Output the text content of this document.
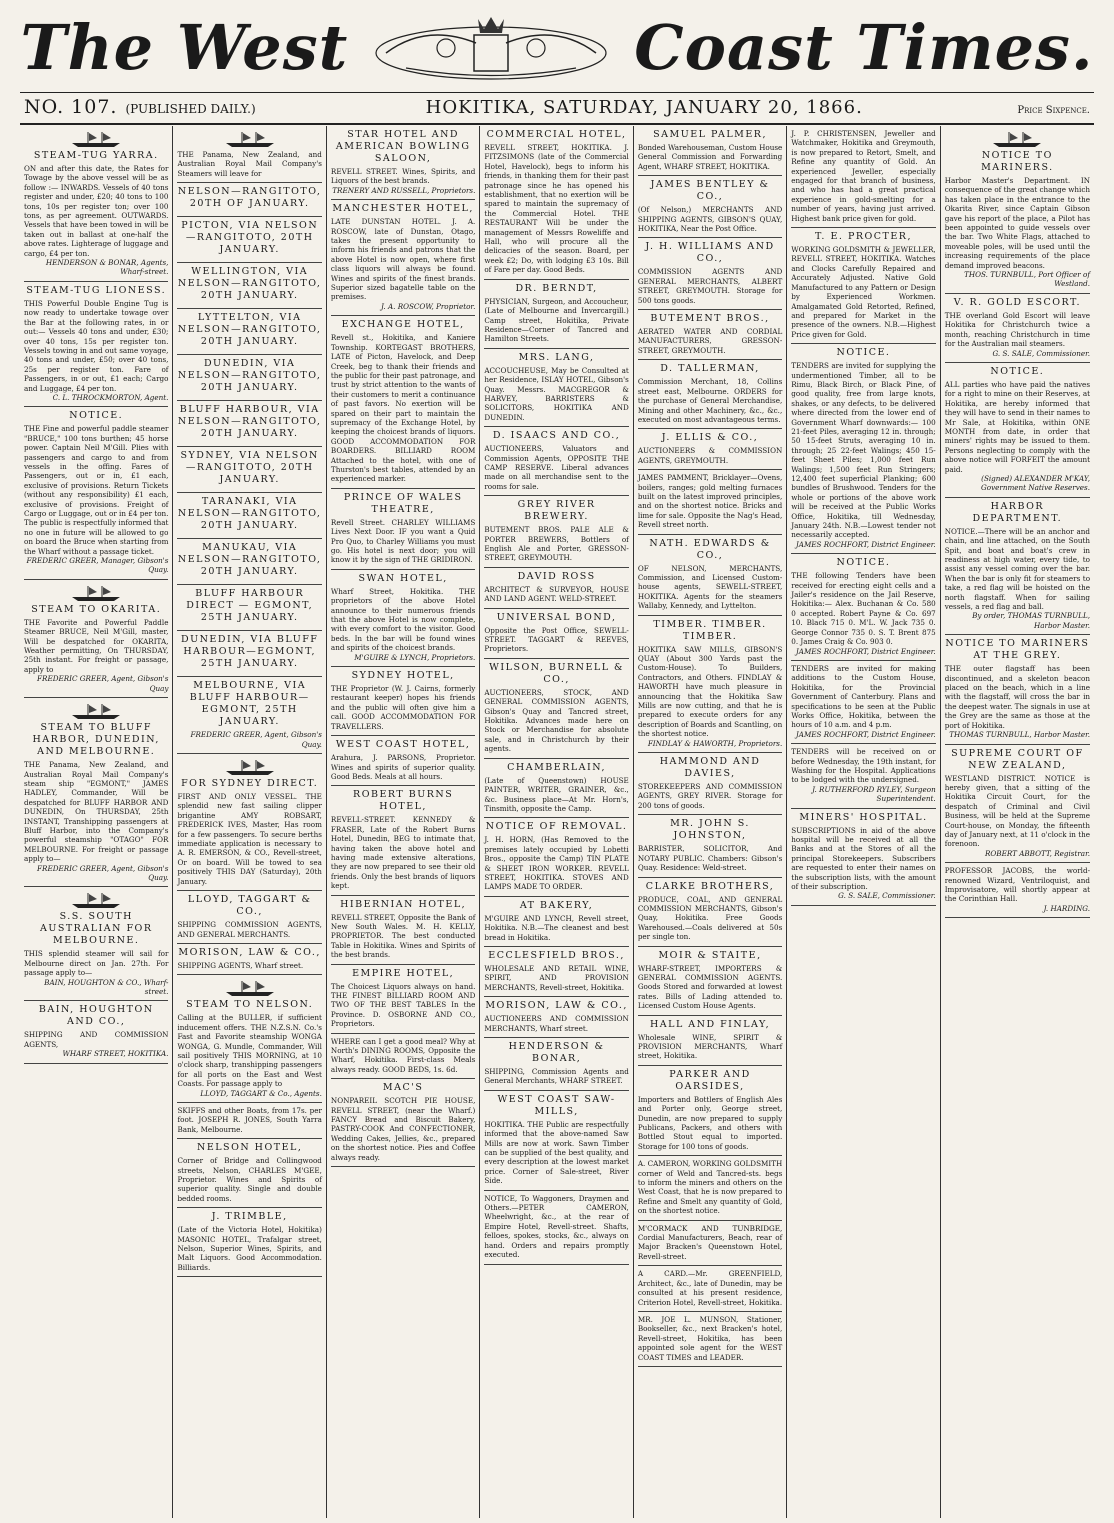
The West	Coast Times.
NO. 107. (PUBLISHED DAILY.)	HOKITIKA, SATURDAY, JANUARY 20, 1866.	Price Sixpence.
STEAM-TUG YARRA.
ON and after this date, the Rates for Towage by the above vessel will be as follow :— INWARDS. Vessels of 40 tons register and under, £20; 40 tons to 100 tons, 10s per register ton; over 100 tons, as per agreement. OUTWARDS. Vessels that have been towed in will be taken out in ballast at one-half the above rates. Lighterage of luggage and cargo, £4 per ton.
HENDERSON & BONAR, Agents, Wharf-street.
STEAM-TUG LIONESS.
THIS Powerful Double Engine Tug is now ready to undertake towage over the Bar at the following rates, in or out:— Vessels 40 tons and under, £30; over 40 tons, 15s per register ton. Vessels towing in and out same voyage, 40 tons and under, £50; over 40 tons, 25s per register ton. Fare of Passengers, in or out, £1 each; Cargo and Luggage, £4 per ton.
C. L. THROCKMORTON, Agent.
NOTICE.
THE Fine and powerful paddle steamer "BRUCE," 100 tons burthen; 45 horse power. Captain Neil M'Gill. Plies with passengers and cargo to and from vessels in the offing. Fares of Passengers, out or in, £1 each, exclusive of provisions. Return Tickets (without any responsibility) £1 each, exclusive of provisions. Freight of Cargo or Luggage, out or in £4 per ton. The public is respectfully informed that no one in future will be allowed to go on board the Bruce when starting from the Wharf without a passage ticket.
FREDERIC GREER, Manager, Gibson's Quay.
STEAM TO OKARITA.
THE Favorite and Powerful Paddle Steamer BRUCE, Neil M'Gill, master, Will be despatched for OKARITA, Weather permitting, On THURSDAY, 25th instant. For freight or passage, apply to
FREDERIC GREER, Agent, Gibson's Quay
STEAM TO BLUFF HARBOR, DUNEDIN, AND MELBOURNE.
THE Panama, New Zealand, and Australian Royal Mail Company's steam ship "EGMONT," JAMES HADLEY, Commander, Will be despatched for BLUFF HARBOR AND DUNEDIN, On THURSDAY, 25th INSTANT, Transhipping passengers at Bluff Harbor, into the Company's powerful steamship "OTAGO" FOR MELBOURNE. For freight or passage apply to—
FREDERIC GREER, Agent, Gibson's Quay.
S.S. SOUTH AUSTRALIAN FOR MELBOURNE.
THIS splendid steamer will sail for Melbourne direct on Jan. 27th. For passage apply to—
BAIN, HOUGHTON & CO., Wharf-street.
BAIN, HOUGHTON AND CO.,
SHIPPING AND COMMISSION AGENTS,
WHARF STREET, HOKITIKA.
THE Panama, New Zealand, and Australian Royal Mail Company's Steamers will leave for
NELSON—RANGITOTO, 20TH OF JANUARY.
PICTON, VIA NELSON—RANGITOTO, 20TH JANUARY.
WELLINGTON, VIA NELSON—RANGITOTO, 20TH JANUARY.
LYTTELTON, VIA NELSON—RANGITOTO, 20TH JANUARY.
DUNEDIN, VIA NELSON—RANGITOTO, 20TH JANUARY.
BLUFF HARBOUR, VIA NELSON—RANGITOTO, 20TH JANUARY.
SYDNEY, VIA NELSON—RANGITOTO, 20TH JANUARY.
TARANAKI, VIA NELSON—RANGITOTO, 20TH JANUARY.
MANUKAU, VIA NELSON—RANGITOTO, 20TH JANUARY.
BLUFF HARBOUR DIRECT — EGMONT, 25TH JANUARY.
DUNEDIN, VIA BLUFF HARBOUR—EGMONT, 25TH JANUARY.
MELBOURNE, VIA BLUFF HARBOUR—EGMONT, 25TH JANUARY.
FREDERIC GREER, Agent, Gibson's Quay.
FOR SYDNEY DIRECT.
FIRST AND ONLY VESSEL. THE splendid new fast sailing clipper brigantine AMY ROBSART, FREDERICK IVES, Master, Has room for a few passengers. To secure berths immediate application is necessary to A. R. EMERSON, & CO., Revell-street, Or on board. Will be towed to sea positively THIS DAY (Saturday), 20th January.
LLOYD, TAGGART & CO.,
SHIPPING COMMISSION AGENTS, AND GENERAL MERCHANTS.
MORISON, LAW & CO.,
SHIPPING AGENTS, Wharf street.
STEAM TO NELSON.
Calling at the BULLER, if sufficient inducement offers. THE N.Z.S.N. Co.'s Fast and Favorite steamship WONGA WONGA, G. Mundle, Commander, Will sail positively THIS MORNING, at 10 o'clock sharp, transhipping passengers for all ports on the East and West Coasts. For passage apply to
LLOYD, TAGGART & Co., Agents.
SKIFFS and other Boats, from 17s. per foot. JOSEPH R. JONES, South Yarra Bank, Melbourne.
NELSON HOTEL,
Corner of Bridge and Collingwood streets, Nelson, CHARLES M'GEE, Proprietor. Wines and Spirits of superior quality. Single and double bedded rooms.
J. TRIMBLE,
(Late of the Victoria Hotel, Hokitika) MASONIC HOTEL, Trafalgar street, Nelson, Superior Wines, Spirits, and Malt Liquors. Good Accommodation. Billiards.
STAR HOTEL AND AMERICAN BOWLING SALOON,
REVELL STREET. Wines, Spirits, and Liquors of the best brands.
TRENERY AND RUSSELL, Proprietors.
MANCHESTER HOTEL,
LATE DUNSTAN HOTEL. J. A. ROSCOW, late of Dunstan, Otago, takes the present opportunity to inform his friends and patrons that the above Hotel is now open, where first class liquors will always be found. Wines and spirits of the finest brands. Superior sized bagatelle table on the premises.
J. A. ROSCOW, Proprietor.
EXCHANGE HOTEL,
Revell st., Hokitika, and Kaniere Township. KORTEGAST BROTHERS, LATE of Picton, Havelock, and Deep Creek, beg to thank their friends and the public for their past patronage, and trust by strict attention to the wants of their customers to merit a continuance of past favors. No exertion will be spared on their part to maintain the supremacy of the Exchange Hotel, by keeping the choicest brands of liquors. GOOD ACCOMMODATION FOR BOARDERS. BILLIARD ROOM Attached to the hotel, with one of Thurston's best tables, attended by an experienced marker.
PRINCE OF WALES THEATRE,
Revell Street. CHARLEY WILLIAMS Lives Next Door. IF you want a Quid Pro Quo, to Charley Williams you must go. His hotel is next door; you will know it by the sign of THE GRIDIRON.
SWAN HOTEL,
Wharf Street, Hokitika. THE proprietors of the above Hotel announce to their numerous friends that the above Hotel is now complete, with every comfort to the visitor. Good beds. In the bar will be found wines and spirits of the choicest brands.
M'GUIRE & LYNCH, Proprietors.
SYDNEY HOTEL,
THE Proprietor (W. J. Cairns, formerly restaurant keeper) hopes his friends and the public will often give him a call. GOOD ACCOMMODATION FOR TRAVELLERS.
WEST COAST HOTEL,
Arahura, J. PARSONS, Proprietor. Wines and spirits of superior quality. Good Beds. Meals at all hours.
ROBERT BURNS HOTEL,
REVELL-STREET. KENNEDY & FRASER, Late of the Robert Burns Hotel, Dunedin, BEG to intimate that, having taken the above hotel and having made extensive alterations, they are now prepared to see their old friends. Only the best brands of liquors kept.
HIBERNIAN HOTEL,
REVELL STREET, Opposite the Bank of New South Wales. M. H. KELLY, PROPRIETOR. The best conducted Table in Hokitika. Wines and Spirits of the best brands.
EMPIRE HOTEL,
The Choicest Liquors always on hand. THE FINEST BILLIARD ROOM AND TWO OF THE BEST TABLES In the Province. D. OSBORNE AND CO., Proprietors.
WHERE can I get a good meal? Why at North's DINING ROOMS, Opposite the Wharf, Hokitika. First-class Meals always ready. GOOD BEDS, 1s. 6d.
MAC'S
NONPAREIL SCOTCH PIE HOUSE, REVELL STREET, (near the Wharf.) FANCY Bread and Biscuit Bakery, PASTRY-COOK And CONFECTIONER, Wedding Cakes, Jellies, &c., prepared on the shortest notice. Pies and Coffee always ready.
COMMERCIAL HOTEL,
REVELL STREET, HOKITIKA. J. FITZSIMONS (late of the Commercial Hotel, Havelock), begs to inform his friends, in thanking them for their past patronage since he has opened his establishment, that no exertion will be spared to maintain the supremacy of the Commercial Hotel. THE RESTAURANT Will be under the management of Messrs Roweliffe and Hall, who will procure all the delicacies of the season. Board, per week £2; Do, with lodging £3 10s. Bill of Fare per day. Good Beds.
DR. BERNDT,
PHYSICIAN, Surgeon, and Accoucheur, (Late of Melbourne and Invercargill.) Camp street, Hokitika, Private Residence—Corner of Tancred and Hamilton Streets.
MRS. LANG,
ACCOUCHEUSE, May be Consulted at her Residence, ISLAY HOTEL, Gibson's Quay. Messrs. MACGREGOR & HARVEY, BARRISTERS & SOLICITORS, HOKITIKA AND DUNEDIN.
D. ISAACS AND CO.,
AUCTIONEERS, Valuators and Commission Agents, OPPOSITE THE CAMP RESERVE. Liberal advances made on all merchandise sent to the rooms for sale.
GREY RIVER BREWERY.
BUTEMENT BROS. PALE ALE & PORTER BREWERS, Bottlers of English Ale and Porter, GRESSON-STREET, GREYMOUTH.
DAVID ROSS
ARCHITECT & SURVEYOR, HOUSE AND LAND AGENT. WELD-STREET.
UNIVERSAL BOND,
Opposite the Post Office, SEWELL-STREET. TAGGART & REEVES, Proprietors.
WILSON, BURNELL & CO.,
AUCTIONEERS, STOCK, AND GENERAL COMMISSION AGENTS, Gibson's Quay and Tancred street, Hokitika. Advances made here on Stock or Merchandise for absolute sale, and in Christchurch by their agents.
CHAMBERLAIN,
(Late of Queenstown) HOUSE PAINTER, WRITER, GRAINER, &c., &c. Business place—At Mr. Horn's, Tinsmith, opposite the Camp.
NOTICE OF REMOVAL.
J. H. HORN, (Has Removed to the premises lately occupied by Lobetti Bros., opposite the Camp) TIN PLATE & SHEET IRON WORKER. REVELL STREET, HOKITIKA. STOVES AND LAMPS MADE TO ORDER.
AT BAKERY,
M'GUIRE AND LYNCH, Revell street, Hokitika. N.B.—The cleanest and best bread in Hokitika.
ECCLESFIELD BROS.,
WHOLESALE AND RETAIL WINE, SPIRIT, AND PROVISION MERCHANTS, Revell-street, Hokitika.
MORISON, LAW & CO.,
AUCTIONEERS AND COMMISSION MERCHANTS, Wharf street.
HENDERSON & BONAR,
SHIPPING, Commission Agents and General Merchants, WHARF STREET.
WEST COAST SAW-MILLS,
HOKITIKA. THE Public are respectfully informed that the above-named Saw Mills are now at work. Sawn Timber can be supplied of the best quality, and every description at the lowest market price. Corner of Sale-street, River Side.
NOTICE, To Waggoners, Draymen and Others.—PETER CAMERON, Wheelwright, &c., at the rear of Empire Hotel, Revell-street. Shafts, felloes, spokes, stocks, &c., always on hand. Orders and repairs promptly executed.
SAMUEL PALMER,
Bonded Warehouseman, Custom House General Commission and Forwarding Agent, WHARF STREET, HOKITIKA.
JAMES BENTLEY & CO.,
(Of Nelson,) MERCHANTS AND SHIPPING AGENTS, GIBSON'S QUAY, HOKITIKA, Near the Post Office.
J. H. WILLIAMS AND CO.,
COMMISSION AGENTS AND GENERAL MERCHANTS, ALBERT STREET, GREYMOUTH. Storage for 500 tons goods.
BUTEMENT BROS.,
AERATED WATER AND CORDIAL MANUFACTURERS, GRESSON-STREET, GREYMOUTH.
D. TALLERMAN,
Commission Merchant, 18, Collins street east, Melbourne. ORDERS for the purchase of General Merchandise, Mining and other Machinery, &c., &c., executed on most advantageous terms.
J. ELLIS & CO.,
AUCTIONEERS & COMMISSION AGENTS, GREYMOUTH.
JAMES PAMMENT, Bricklayer—Ovens, boilers, ranges; gold melting furnaces built on the latest improved principles, and on the shortest notice. Bricks and lime for sale. Opposite the Nag's Head, Revell street north.
NATH. EDWARDS & CO.,
OF NELSON, MERCHANTS, Commission, and Licensed Custom-house agents, SEWELL-STREET, HOKITIKA. Agents for the steamers Wallaby, Kennedy, and Lyttelton.
TIMBER. TIMBER. TIMBER.
HOKITIKA SAW MILLS, GIBSON'S QUAY (About 300 Yards past the Custom-House). To Builders, Contractors, and Others. FINDLAY & HAWORTH have much pleasure in announcing that the Hokitika Saw Mills are now cutting, and that he is prepared to execute orders for any description of Boards and Scantling, on the shortest notice.
FINDLAY & HAWORTH, Proprietors.
HAMMOND AND DAVIES,
STOREKEEPERS AND COMMISSION AGENTS, GREY RIVER. Storage for 200 tons of goods.
MR. JOHN S. JOHNSTON,
BARRISTER, SOLICITOR, And NOTARY PUBLIC. Chambers: Gibson's Quay. Residence: Weld-street.
CLARKE BROTHERS,
PRODUCE, COAL, AND GENERAL COMMISSION MERCHANTS, Gibson's Quay, Hokitika. Free Goods Warehoused.—Coals delivered at 50s per single ton.
MOIR & STAITE,
WHARF-STREET, IMPORTERS & GENERAL COMMISSION AGENTS. Goods Stored and forwarded at lowest rates. Bills of Lading attended to. Licensed Custom House Agents.
HALL AND FINLAY,
Wholesale WINE, SPIRIT & PROVISION MERCHANTS, Wharf street, Hokitika.
PARKER AND OARSIDES,
Importers and Bottlers of English Ales and Porter only, George street, Dunedin, are now prepared to supply Publicans, Packers, and others with Bottled Stout equal to imported. Storage for 100 tons of goods.
A. CAMERON, WORKING GOLDSMITH corner of Weld and Tancred-sts. begs to inform the miners and others on the West Coast, that he is now prepared to Refine and Smelt any quantity of Gold, on the shortest notice.
M'CORMACK AND TUNBRIDGE, Cordial Manufacturers, Beach, rear of Major Bracken's Queenstown Hotel, Revell-street.
A CARD.—Mr. GREENFIELD, Architect, &c., late of Dunedin, may be consulted at his present residence, Criterion Hotel, Revell-street, Hokitika.
MR. JOE L. MUNSON, Stationer, Bookseller, &c., next Bracken's hotel, Revell-street, Hokitika, has been appointed sole agent for the WEST COAST TIMES and LEADER.
J. P. CHRISTENSEN, Jeweller and Watchmaker, Hokitika and Greymouth, is now prepared to Retort, Smelt, and Refine any quantity of Gold. An experienced Jeweller, especially engaged for that branch of business, and who has had a great practical experience in gold-smelting for a number of years, having just arrived. Highest bank price given for gold.
T. E. PROCTER,
WORKING GOLDSMITH & JEWELLER, REVELL STREET, HOKITIKA. Watches and Clocks Carefully Repaired and Accurately Adjusted. Native Gold Manufactured to any Pattern or Design by Experienced Workmen. Amalgamated Gold Retorted, Refined, and prepared for Market in the presence of the owners. N.B.—Highest Price given for Gold.
NOTICE.
TENDERS are invited for supplying the undermentioned Timber, all to be Rimu, Black Birch, or Black Pine, of good quality, free from large knots, shakes, or any defects, to be delivered where directed from the lower end of Government Wharf downwards:— 100 21-feet Piles, averaging 12 in. through; 50 15-feet Struts, averaging 10 in. through; 25 22-feet Walings; 450 15-feet Sheet Piles; 1,000 feet Run Walings; 1,500 feet Run Stringers; 12,400 feet superficial Planking; 600 bundles of Brushwood. Tenders for the whole or portions of the above work will be received at the Public Works Office, Hokitika, till Wednesday, January 24th. N.B.—Lowest tender not necessarily accepted.
JAMES ROCHFORT, District Engineer.
NOTICE.
THE following Tenders have been received for erecting eight cells and a Jailer's residence on the Jail Reserve, Hokitika:— Alex. Buchanan & Co. 580 0 accepted. Robert Payne & Co. 697 10. Black 715 0. M'L. W. Jack 735 0. George Connor 735 0. S. T. Brent 875 0. James Craig & Co. 903 0.
JAMES ROCHFORT, District Engineer.
TENDERS are invited for making additions to the Custom House, Hokitika, for the Provincial Government of Canterbury. Plans and specifications to be seen at the Public Works Office, Hokitika, between the hours of 10 a.m. and 4 p.m.
JAMES ROCHFORT, District Engineer.
TENDERS will be received on or before Wednesday, the 19th instant, for Washing for the Hospital. Applications to be lodged with the undersigned.
J. RUTHERFORD RYLEY, Surgeon Superintendent.
MINERS' HOSPITAL.
SUBSCRIPTIONS in aid of the above hospital will be received at all the Banks and at the Stores of all the principal Storekeepers. Subscribers are requested to enter their names on the subscription lists, with the amount of their subscription.
G. S. SALE, Commissioner.
NOTICE TO MARINERS.
Harbor Master's Department. IN consequence of the great change which has taken place in the entrance to the Okarita River, since Captain Gibson gave his report of the place, a Pilot has been appointed to guide vessels over the bar. Two White Flags, attached to moveable poles, will be used until the increasing requirements of the place demand improved beacons.
THOS. TURNBULL, Port Officer of Westland.
V. R. GOLD ESCORT.
THE overland Gold Escort will leave Hokitika for Christchurch twice a month, reaching Christchurch in time for the Australian mail steamers.
G. S. SALE, Commissioner.
NOTICE.
ALL parties who have paid the natives for a right to mine on their Reserves, at Hokitika, are hereby informed that they will have to send in their names to Mr Sale, at Hokitika, within ONE MONTH from date, in order that miners' rights may be issued to them. Persons neglecting to comply with the above notice will FORFEIT the amount paid.
(Signed) ALEXANDER M'KAY, Government Native Reserves.
HARBOR DEPARTMENT.
NOTICE.—There will be an anchor and chain, and line attached, on the South Spit, and boat and boat's crew in readiness at high water, every tide, to assist any vessel coming over the bar. When the bar is only fit for steamers to take, a red flag will be hoisted on the north flagstaff. When for sailing vessels, a red flag and ball.
By order, THOMAS TURNBULL, Harbor Master.
NOTICE TO MARINERS AT THE GREY.
THE outer flagstaff has been discontinued, and a skeleton beacon placed on the beach, which in a line with the flagstaff, will cross the bar in the deepest water. The signals in use at the Grey are the same as those at the port of Hokitika.
THOMAS TURNBULL, Harbor Master.
SUPREME COURT OF NEW ZEALAND,
WESTLAND DISTRICT. NOTICE is hereby given, that a sitting of the Hokitika Circuit Court, for the despatch of Criminal and Civil Business, will be held at the Supreme Court-house, on Monday, the fifteenth day of January next, at 11 o'clock in the forenoon.
ROBERT ABBOTT, Registrar.
PROFESSOR JACOBS, the world-renowned Wizard, Ventriloquist, and Improvisatore, will shortly appear at the Corinthian Hall.
J. HARDING.
